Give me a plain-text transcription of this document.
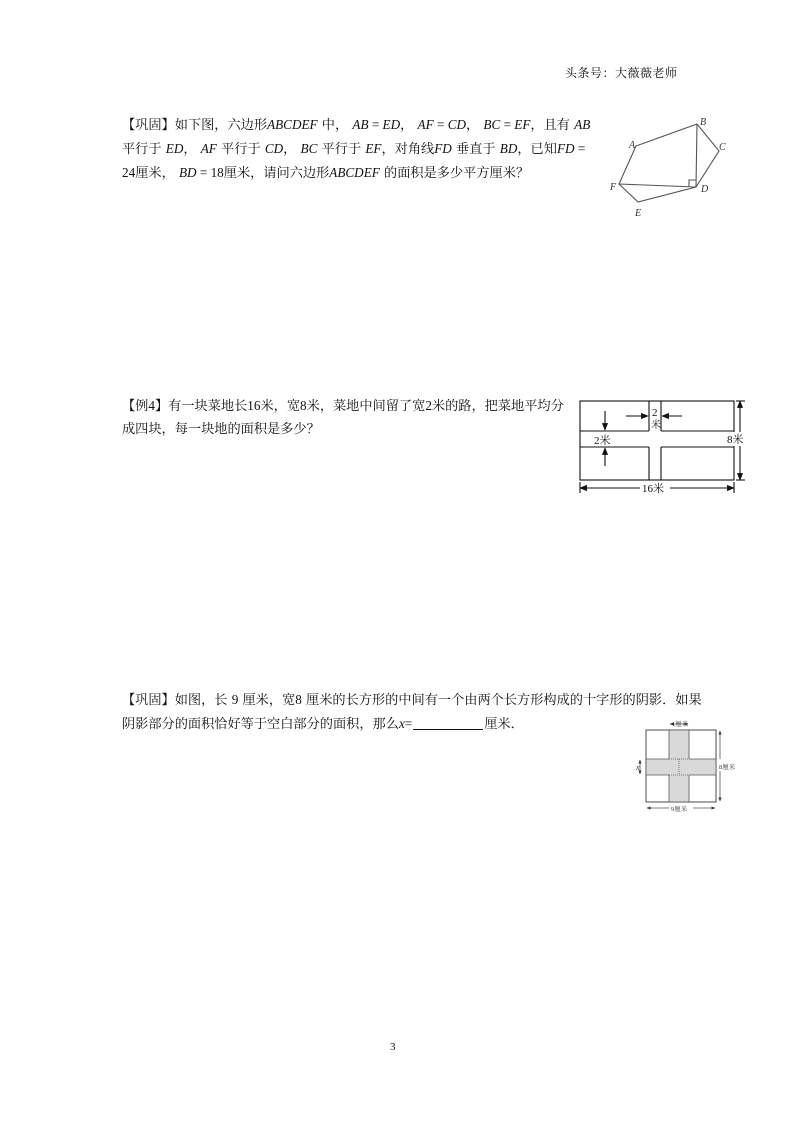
头条号：大薇薇老师
【巩固】如下图，六边形ABCDEF 中， AB = ED， AF = CD， BC = EF，且有 AB 平行于 ED， AF 平行于 CD， BC 平行于 EF，对角线FD 垂直于 BD，已知FD = 24厘米， BD = 18厘米，请问六边形ABCDEF 的面积是多少平方厘米？
A
B
C
D
E
F
【例4】有一块菜地长16米，宽8米，菜地中间留了宽2米的路，把菜地平均分成四块，每一块地的面积是多少？
2
米
2米	8米
16米
【巩固】如图，长 9 厘米，宽8 厘米的长方形的中间有一个由两个长方形构成的十字形的阴影．如果阴影部分的面积恰好等于空白部分的面积，那么x=	厘米．	1厘米
8厘米
9厘米
x
3
